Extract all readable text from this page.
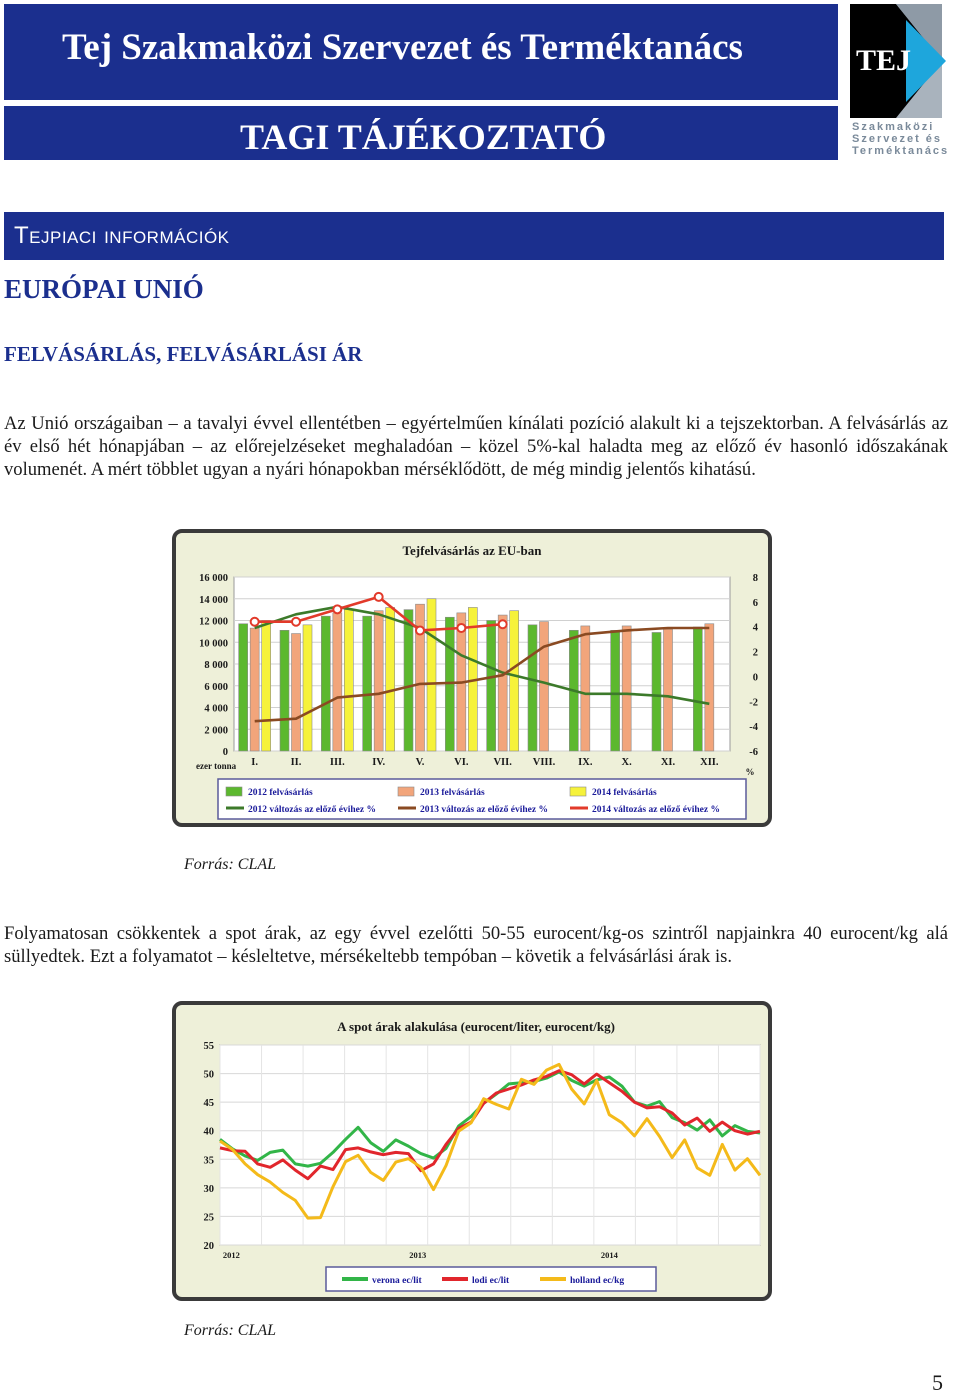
Tej Szakmaközi Szervezet és Terméktanács
TAGI TÁJÉKOZTATÓ
TEJ
Szakmaközi
Szervezet és
Terméktanács
Tejpiaci információk
EURÓPAI UNIÓ
FELVÁSÁRLÁS, FELVÁSÁRLÁSI ÁR

Az Unió országaiban – a tavalyi évvel ellentétben – egyértelműen kínálati pozíció alakult ki a tejszektorban. A felvásárlás az év első hét hónapjában – az előrejelzéseket meghaladóan – közel 5%-kal haladta meg az előző év hasonló időszakának volumenét. A mért többlet ugyan a nyári hónapokban mérséklődött, de még mindig jelentős kihatású.

Tejfelvásárlás az EU-ban
16 000
14 000
12 000
10 000
8 000
6 000
4 000
2 000
0
8
6
4
2
0
-2
-4
-6
ezer tonna
%
I.	II.	III.	IV.	V.	VI. VII. VIII. IX.	X.	XI. XII.
2012 felvásárlás	2013 felvásárlás	2014 felvásárlás
2012 változás az előző évihez %	2013 változás az előző évihez %	2014 változás az előző évihez %
Forrás: CLAL

Folyamatosan csökkentek a spot árak, az egy évvel ezelőtti 50-55 eurocent/kg-os szintről napjainkra 40 eurocent/kg alá süllyedtek. Ezt a folyamatot – késleltetve, mérsékeltebb tempóban – követik a felvásárlási árak is.

A spot árak alakulása (eurocent/liter, eurocent/kg)
55
50
45
40
35
30
25
20
2012	2013	2014
verona ec/lit	lodi ec/lit	holland ec/kg
Forrás: CLAL
5
